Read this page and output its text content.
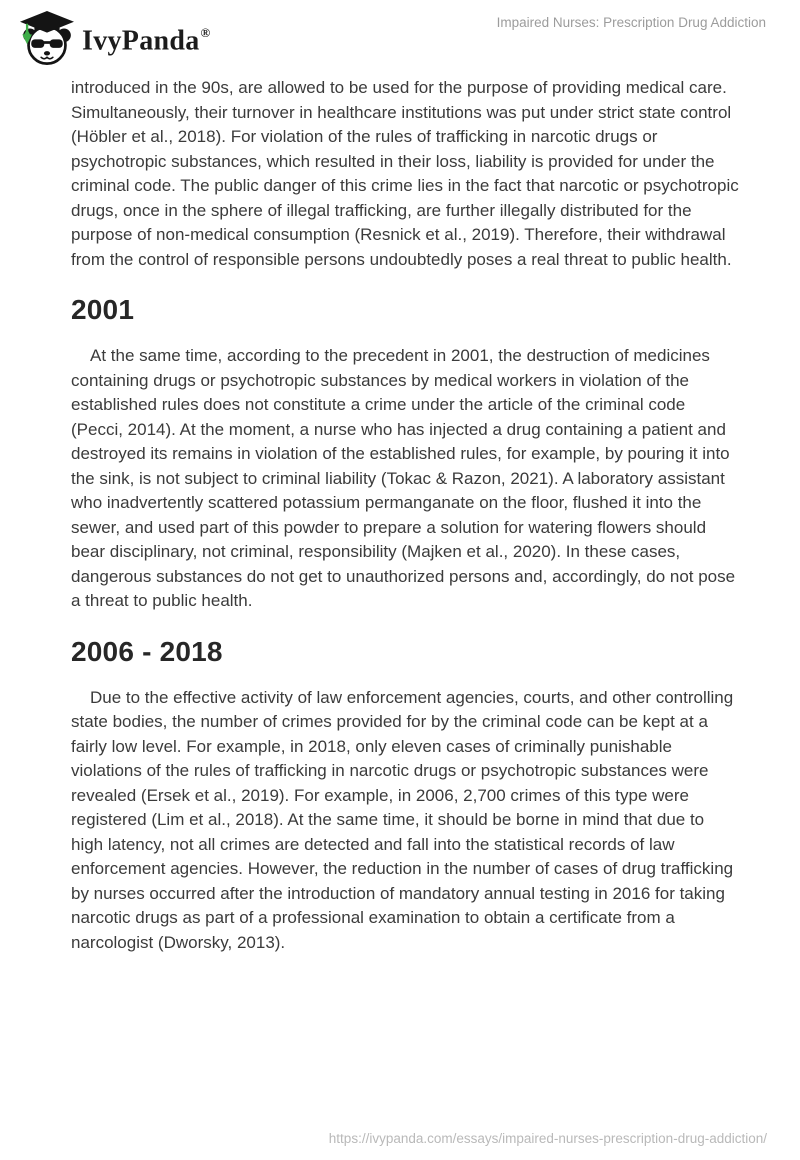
IvyPanda®
Impaired Nurses: Prescription Drug Addiction

introduced in the 90s, are allowed to be used for the purpose of providing medical care. Simultaneously, their turnover in healthcare institutions was put under strict state control (Höbler et al., 2018). For violation of the rules of trafficking in narcotic drugs or psychotropic substances, which resulted in their loss, liability is provided for under the criminal code. The public danger of this crime lies in the fact that narcotic or psychotropic drugs, once in the sphere of illegal trafficking, are further illegally distributed for the purpose of non-medical consumption (Resnick et al., 2019). Therefore, their withdrawal from the control of responsible persons undoubtedly poses a real threat to public health.

2001

At the same time, according to the precedent in 2001, the destruction of medicines containing drugs or psychotropic substances by medical workers in violation of the established rules does not constitute a crime under the article of the criminal code (Pecci, 2014). At the moment, a nurse who has injected a drug containing a patient and destroyed its remains in violation of the established rules, for example, by pouring it into the sink, is not subject to criminal liability (Tokac & Razon, 2021). A laboratory assistant who inadvertently scattered potassium permanganate on the floor, flushed it into the sewer, and used part of this powder to prepare a solution for watering flowers should bear disciplinary, not criminal, responsibility (Majken et al., 2020). In these cases, dangerous substances do not get to unauthorized persons and, accordingly, do not pose a threat to public health.

2006 - 2018

Due to the effective activity of law enforcement agencies, courts, and other controlling state bodies, the number of crimes provided for by the criminal code can be kept at a fairly low level. For example, in 2018, only eleven cases of criminally punishable violations of the rules of trafficking in narcotic drugs or psychotropic substances were revealed (Ersek et al., 2019). For example, in 2006, 2,700 crimes of this type were registered (Lim et al., 2018). At the same time, it should be borne in mind that due to high latency, not all crimes are detected and fall into the statistical records of law enforcement agencies. However, the reduction in the number of cases of drug trafficking by nurses occurred after the introduction of mandatory annual testing in 2016 for taking narcotic drugs as part of a professional examination to obtain a certificate from a narcologist (Dworsky, 2013).

https://ivypanda.com/essays/impaired-nurses-prescription-drug-addiction/
